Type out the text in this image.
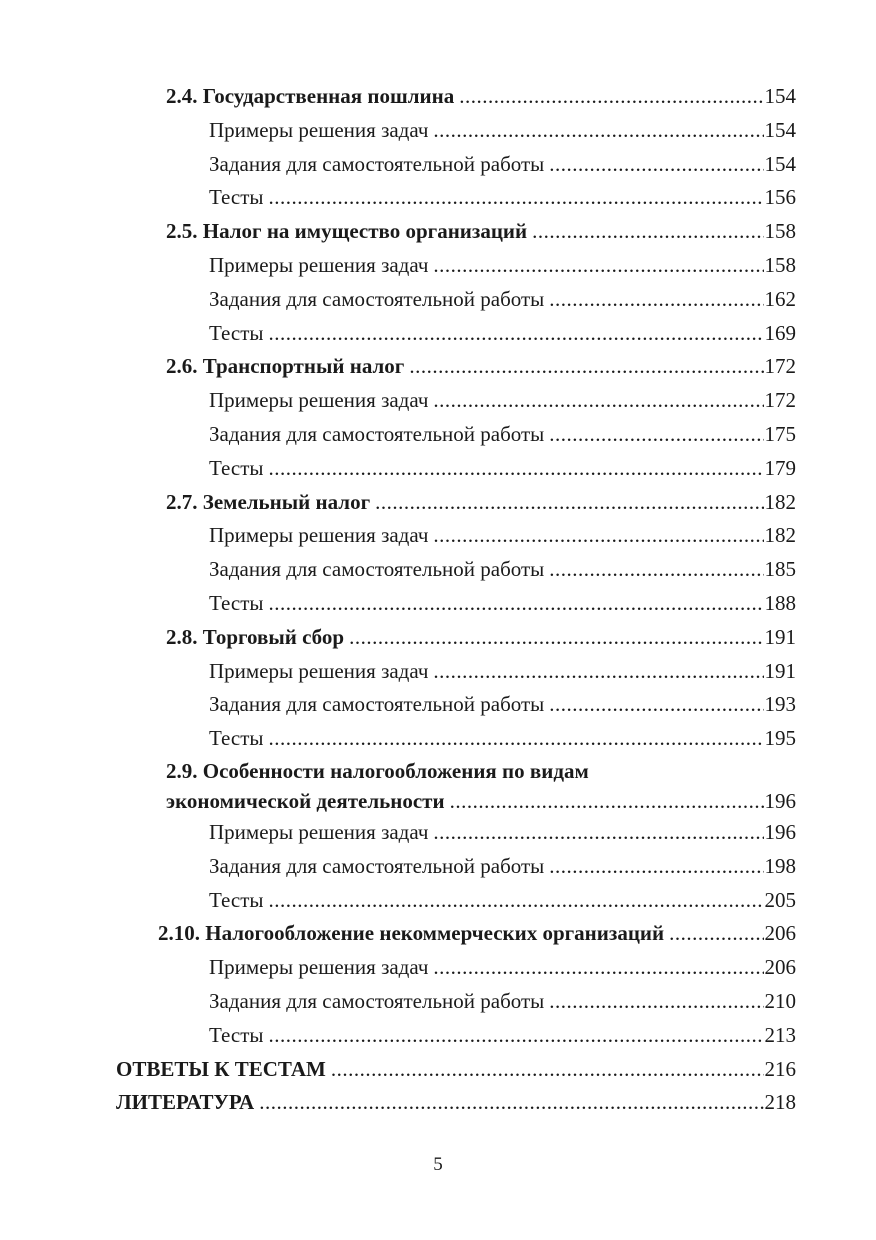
2.4. Государственная пошлина .....	154
Примеры решения задач .....	154
Задания для самостоятельной работы .....	154
Тесты .....	156
2.5. Налог на имущество организаций .....	158
Примеры решения задач .....	158
Задания для самостоятельной работы .....	162
Тесты .....	169
2.6. Транспортный налог .....	172
Примеры решения задач .....	172
Задания для самостоятельной работы .....	175
Тесты .....	179
2.7. Земельный налог .....	182
Примеры решения задач .....	182
Задания для самостоятельной работы .....	185
Тесты .....	188
2.8. Торговый сбор .....	191
Примеры решения задач .....	191
Задания для самостоятельной работы .....	193
Тесты .....	195
2.9. Особенности налогообложения по видам
экономической деятельности .....	196
Примеры решения задач .....	196
Задания для самостоятельной работы .....	198
Тесты .....	205
2.10. Налогообложение некоммерческих организаций .....	206
Примеры решения задач .....	206
Задания для самостоятельной работы .....	210
Тесты .....	213
ОТВЕТЫ К ТЕСТАМ .....	216
ЛИТЕРАТУРА .....	218
5
